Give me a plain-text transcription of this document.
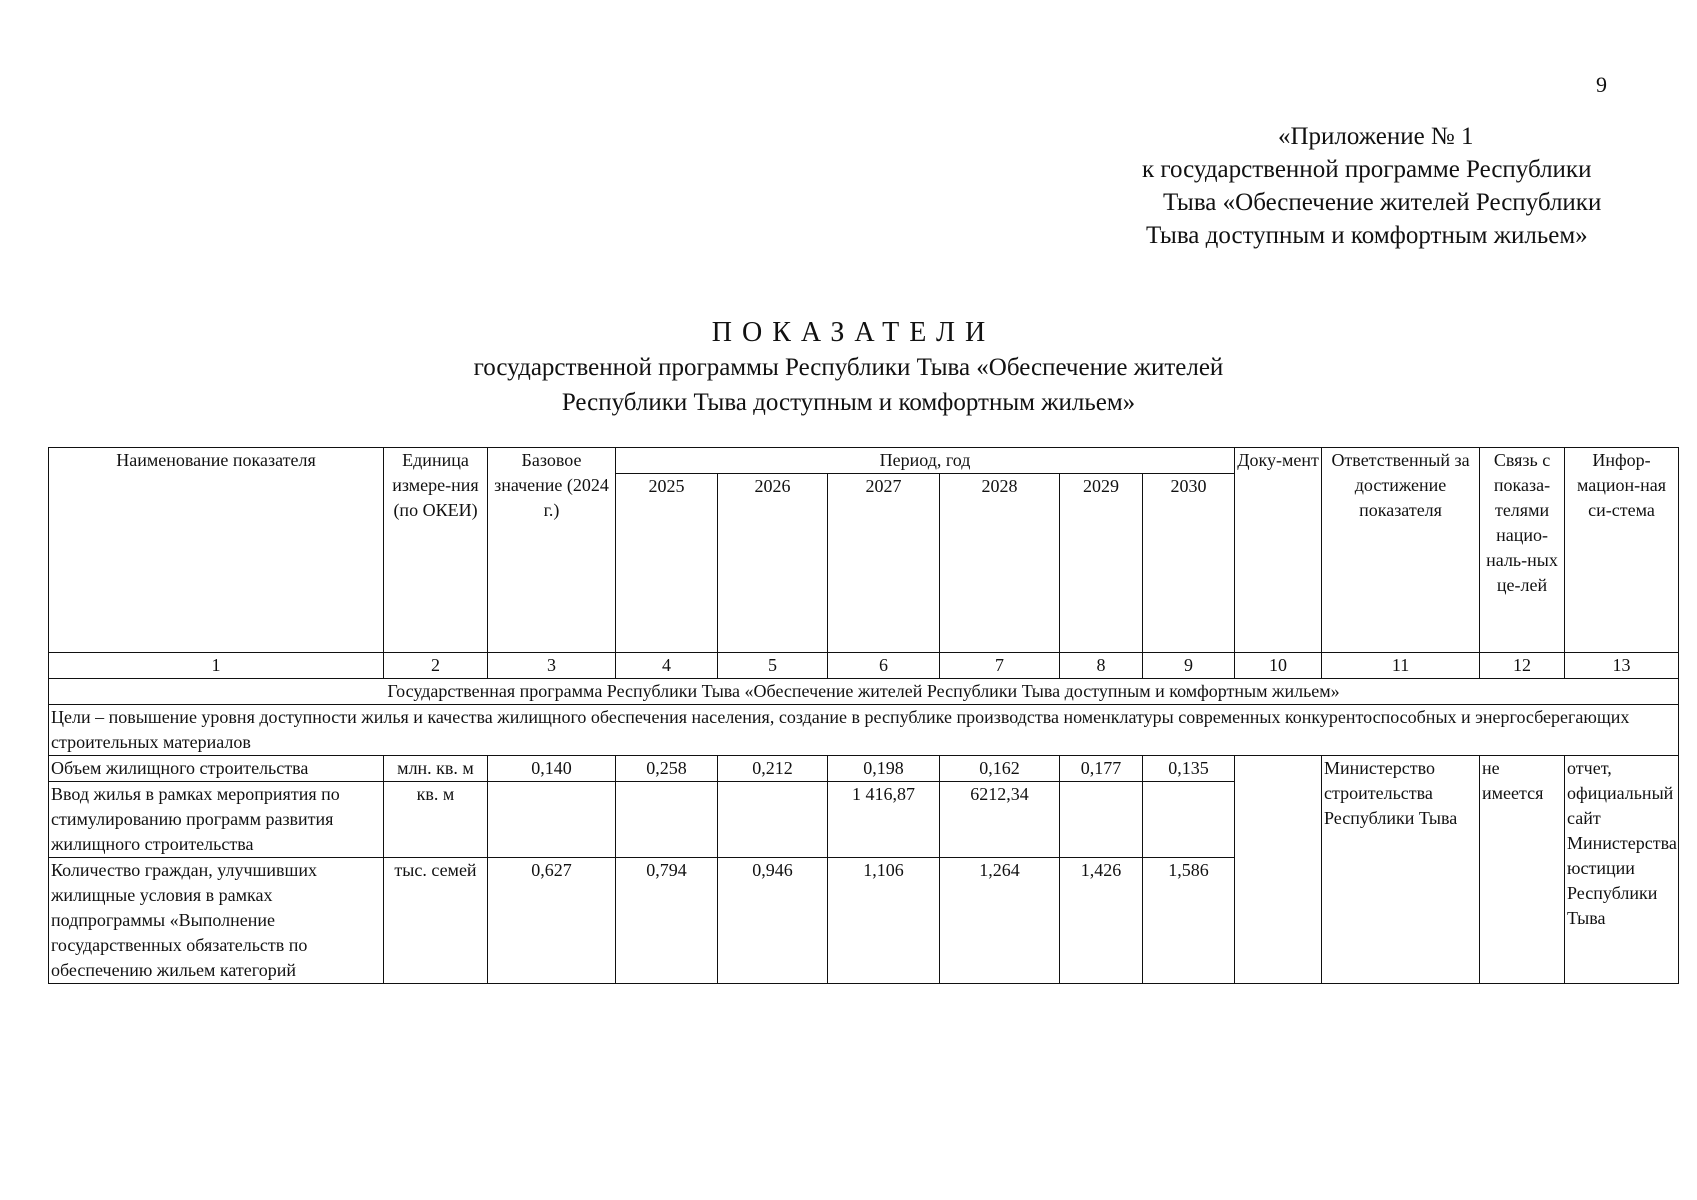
9
«Приложение № 1
к государственной программе Республики
Тыва «Обеспечение жителей Республики
Тыва доступным и комфортным жильем»
ПОКАЗАТЕЛИ
государственной программы Республики Тыва «Обеспечение жителей
Республики Тыва доступным и комфортным жильем»
Наименование показателя	Единица измере-ния (по ОКЕИ)	Базовое значение (2024 г.)	Период, год						Доку-мент	Ответственный за достижение показателя	Связь с показа-телями нацио-наль-ных це-лей	Инфор-мацион-ная си-стема
			2025	2026	2027	2028	2029	2030				
1	2	3	4	5	6	7	8	9	10	11	12	13
Государственная программа Республики Тыва «Обеспечение жителей Республики Тыва доступным и комфортным жильем»												
Цели – повышение уровня доступности жилья и качества жилищного обеспечения населения, создание в республике производства номенклатуры современных конкурентоспособных и энергосберегающих строительных материалов												
Объем жилищного строительства	млн. кв. м	0,140	0,258	0,212	0,198	0,162	0,177	0,135		Министерство строительства Республики Тыва	не имеется	отчет, официальный сайт Министерства юстиции Республики Тыва
Ввод жилья в рамках мероприятия по стимулированию программ развития жилищного строительства	кв. м				1 416,87	6212,34						
Количество граждан, улучшивших жилищные условия в рамках подпрограммы «Выполнение государственных обязательств по обеспечению жильем категорий	тыс. семей	0,627	0,794	0,946	1,106	1,264	1,426	1,586				
